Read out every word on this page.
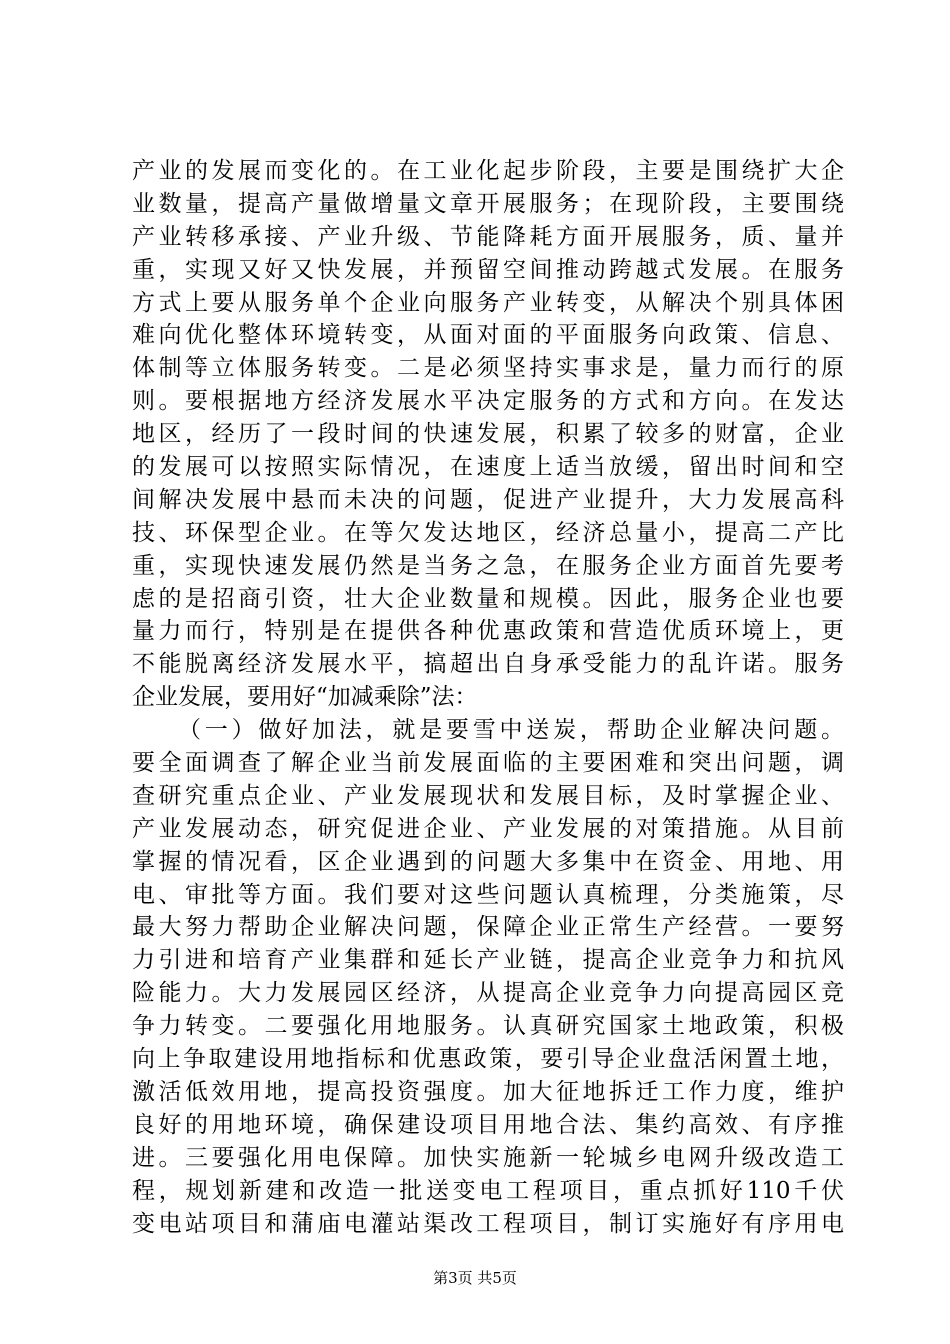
产业的发展而变化的。在工业化起步阶段，主要是围绕扩大企
业数量，提高产量做增量文章开展服务；在现阶段，主要围绕
产业转移承接、产业升级、节能降耗方面开展服务，质、量并
重，实现又好又快发展，并预留空间推动跨越式发展。在服务
方式上要从服务单个企业向服务产业转变，从解决个别具体困
难向优化整体环境转变，从面对面的平面服务向政策、信息、
体制等立体服务转变。二是必须坚持实事求是，量力而行的原
则。要根据地方经济发展水平决定服务的方式和方向。在发达
地区，经历了一段时间的快速发展，积累了较多的财富，企业
的发展可以按照实际情况，在速度上适当放缓，留出时间和空
间解决发展中悬而未决的问题，促进产业提升，大力发展高科
技、环保型企业。在等欠发达地区，经济总量小，提高二产比
重，实现快速发展仍然是当务之急，在服务企业方面首先要考
虑的是招商引资，壮大企业数量和规模。因此，服务企业也要
量力而行，特别是在提供各种优惠政策和营造优质环境上，更
不能脱离经济发展水平，搞超出自身承受能力的乱许诺。服务
企业发展，要用好“加减乘除”法：
（一）做好加法，就是要雪中送炭，帮助企业解决问题。
要全面调查了解企业当前发展面临的主要困难和突出问题，调
查研究重点企业、产业发展现状和发展目标，及时掌握企业、
产业发展动态，研究促进企业、产业发展的对策措施。从目前
掌握的情况看，区企业遇到的问题大多集中在资金、用地、用
电、审批等方面。我们要对这些问题认真梳理，分类施策，尽
最大努力帮助企业解决问题，保障企业正常生产经营。一要努
力引进和培育产业集群和延长产业链，提高企业竞争力和抗风
险能力。大力发展园区经济，从提高企业竞争力向提高园区竞
争力转变。二要强化用地服务。认真研究国家土地政策，积极
向上争取建设用地指标和优惠政策，要引导企业盘活闲置土地，
激活低效用地，提高投资强度。加大征地拆迁工作力度，维护
良好的用地环境，确保建设项目用地合法、集约高效、有序推
进。三要强化用电保障。加快实施新一轮城乡电网升级改造工
程，规划新建和改造一批送变电工程项目，重点抓好110千伏
变电站项目和蒲庙电灌站渠改工程项目，制订实施好有序用电
第3页 共5页
